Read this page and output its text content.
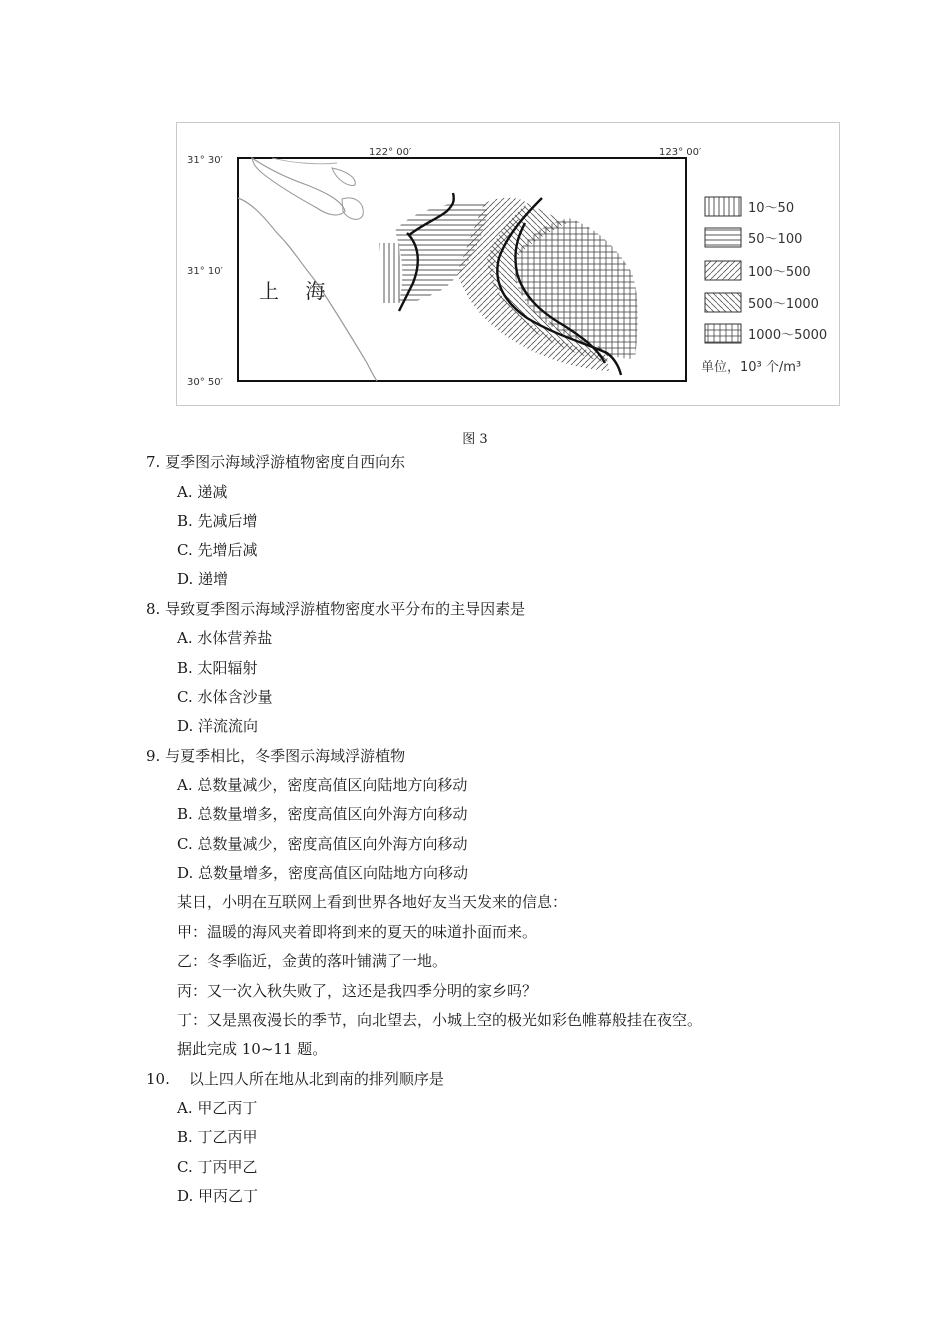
122° 00′	123° 00′
31° 30′
31° 10′
30° 50′
上 海
10～50
50～100
100～500
500～1000
1000～5000
单位，10³ 个/m³
图 3
7. 夏季图示海域浮游植物密度自西向东
A. 递减
B. 先减后增
C. 先增后减
D. 递增
8. 导致夏季图示海域浮游植物密度水平分布的主导因素是
A. 水体营养盐
B. 太阳辐射
C. 水体含沙量
D. 洋流流向
9. 与夏季相比，冬季图示海域浮游植物
A. 总数量减少，密度高值区向陆地方向移动
B. 总数量增多，密度高值区向外海方向移动
C. 总数量减少，密度高值区向外海方向移动
D. 总数量增多，密度高值区向陆地方向移动
某日，小明在互联网上看到世界各地好友当天发来的信息：
甲：温暖的海风夹着即将到来的夏天的味道扑面而来。
乙：冬季临近，金黄的落叶铺满了一地。
丙：又一次入秋失败了，这还是我四季分明的家乡吗？
丁：又是黑夜漫长的季节，向北望去，小城上空的极光如彩色帷幕般挂在夜空。
据此完成 10~11 题。
10.    以上四人所在地从北到南的排列顺序是
A. 甲乙丙丁
B. 丁乙丙甲
C. 丁丙甲乙
D. 甲丙乙丁
